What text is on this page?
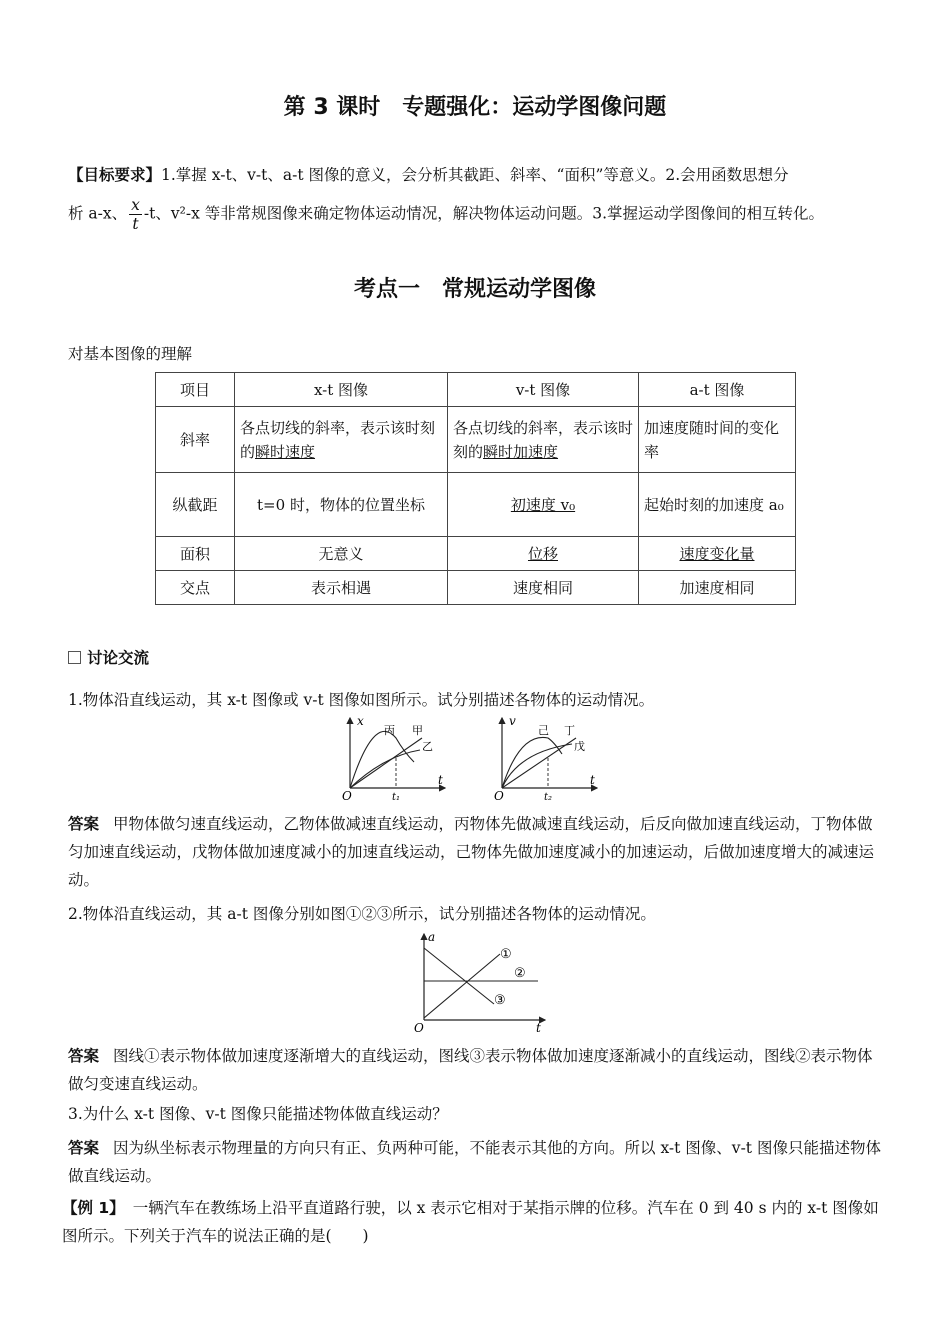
第 3 课时　专题强化：运动学图像问题
【目标要求】1.掌握 x-t、v-t、a-t 图像的意义，会分析其截距、斜率、“面积”等意义。2.会用函数思想分
析 a-x、 $\frac{x}{t} -t$、v²-x 等非常规图像来确定物体运动情况，解决物体运动问题。3.掌握运动学图像间的相互转化。
考点一　常规运动学图像
对基本图像的理解
项目	x-t 图像	v-t 图像	a-t 图像
斜率	各点切线的斜率，表示该时刻的瞬时速度	各点切线的斜率，表示该时刻的瞬时加速度	加速度随时间的变化率
纵截距	t=0 时，物体的位置坐标	初速度 v₀	起始时刻的加速度 a₀
面积	无意义	位移	速度变化量
交点	表示相遇	速度相同	加速度相同
讨论交流
1.物体沿直线运动，其 x-t 图像或 v-t 图像如图所示。试分别描述各物体的运动情况。
x
t
O	t₁
丙 甲
乙
v
t
O	t₂
己 丁
戊
答案 甲物体做匀速直线运动，乙物体做减速直线运动，丙物体先做减速直线运动，后反向做加速直线运动，丁物体做匀加速直线运动，戊物体做加速度减小的加速直线运动，己物体先做加速度减小的加速运动，后做加速度增大的减速运动。
2.物体沿直线运动，其 a-t 图像分别如图①②③所示，试分别描述各物体的运动情况。
a
t
O
①
②
③
答案 图线①表示物体做加速度逐渐增大的直线运动，图线③表示物体做加速度逐渐减小的直线运动，图线②表示物体做匀变速直线运动。
3.为什么 x-t 图像、v-t 图像只能描述物体做直线运动？
答案 因为纵坐标表示物理量的方向只有正、负两种可能，不能表示其他的方向。所以 x-t 图像、v-t 图像只能描述物体做直线运动。
【例 1】 一辆汽车在教练场上沿平直道路行驶，以 x 表示它相对于某指示牌的位移。汽车在 0 到 40 s 内的 x-t 图像如图所示。下列关于汽车的说法正确的是(　　)
